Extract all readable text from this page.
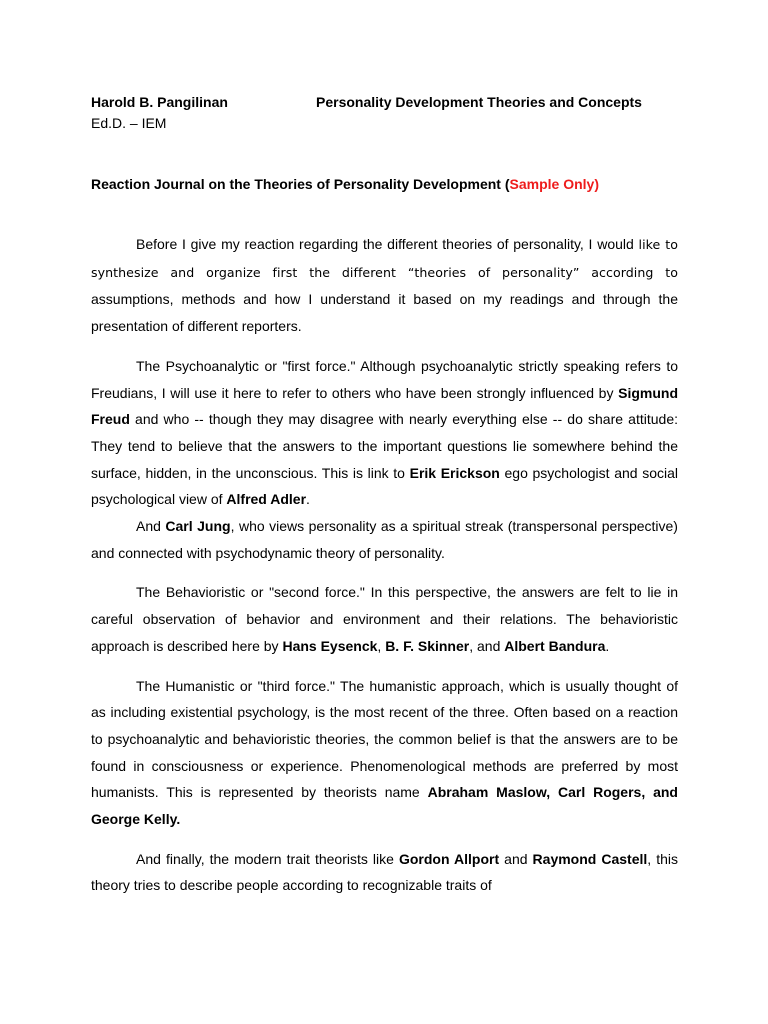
Harold B. Pangilinan	Personality Development Theories and Concepts
Ed.D. – IEM
Reaction Journal on the Theories of Personality Development (Sample Only)

Before I give my reaction regarding the different theories of personality, I would like to synthesize and organize first the different “theories of personality” according to assumptions, methods and how I understand it based on my readings and through the presentation of different reporters.

The Psychoanalytic or "first force." Although psychoanalytic strictly speaking refers to Freudians, I will use it here to refer to others who have been strongly influenced by Sigmund Freud and who -- though they may disagree with nearly everything else -- do share attitude: They tend to believe that the answers to the important questions lie somewhere behind the surface, hidden, in the unconscious. This is link to Erik Erickson ego psychologist and social psychological view of Alfred Adler.

And Carl Jung, who views personality as a spiritual streak (transpersonal perspective) and connected with psychodynamic theory of personality.

The Behavioristic or "second force." In this perspective, the answers are felt to lie in careful observation of behavior and environment and their relations. The behavioristic approach is described here by Hans Eysenck, B. F. Skinner, and Albert Bandura.

The Humanistic or "third force." The humanistic approach, which is usually thought of as including existential psychology, is the most recent of the three. Often based on a reaction to psychoanalytic and behavioristic theories, the common belief is that the answers are to be found in consciousness or experience. Phenomenological methods are preferred by most humanists. This is represented by theorists name Abraham Maslow, Carl Rogers, and George Kelly.

And finally, the modern trait theorists like Gordon Allport and Raymond Castell, this theory tries to describe people according to recognizable traits of
